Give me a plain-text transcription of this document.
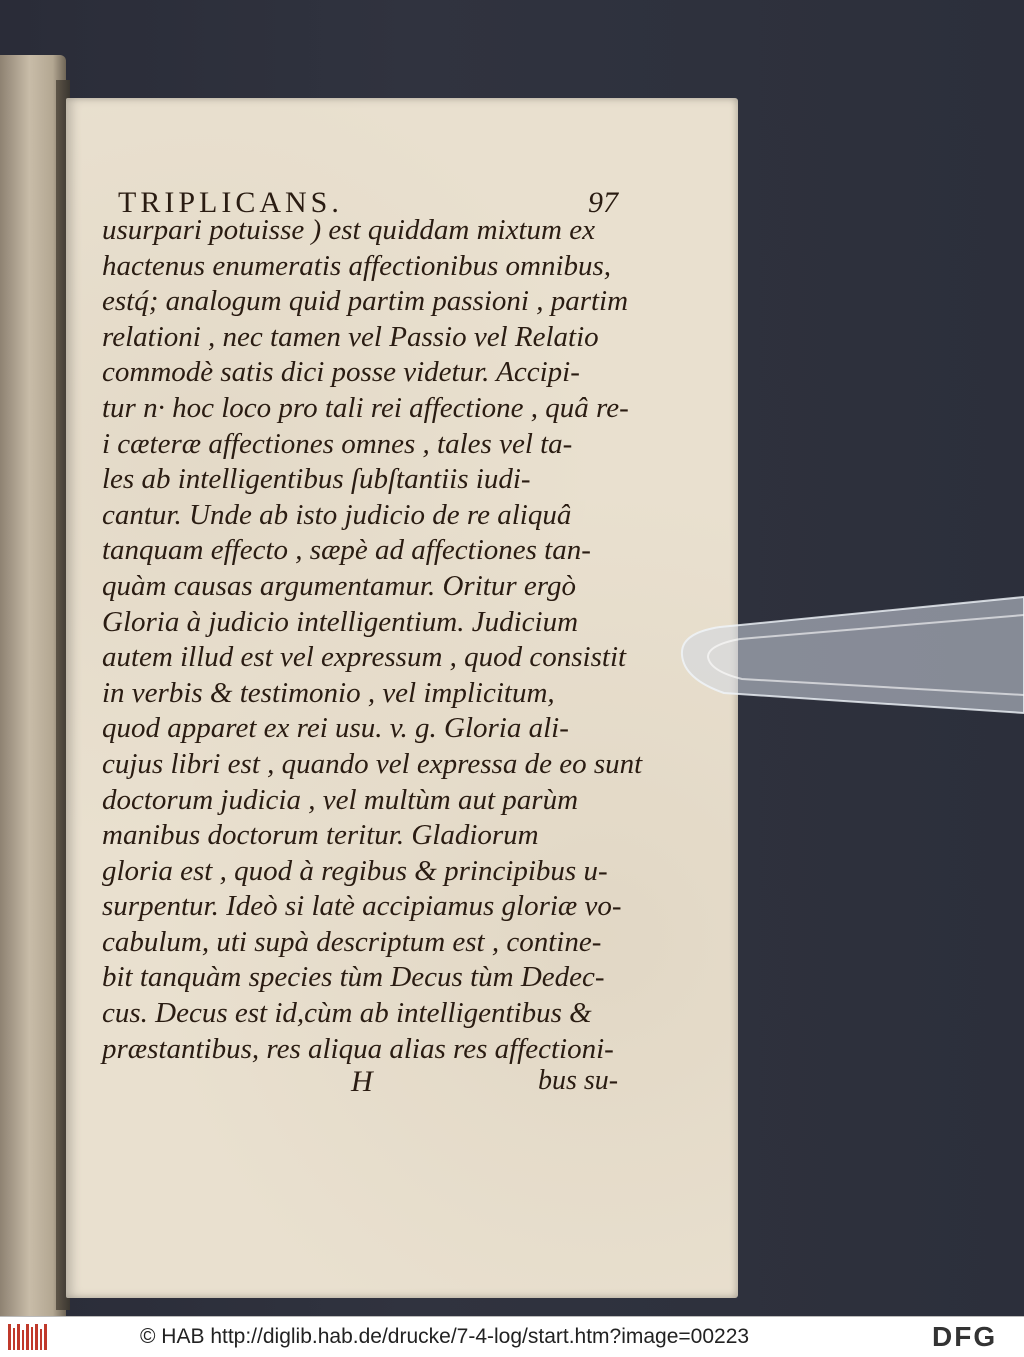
TRIPLICANS.	97
usurpari potuisse ) est quiddam mixtum ex
hactenus enumeratis affectionibus omnibus,
estq́; analogum quid partim passioni , partim
relationi , nec tamen vel Passio vel Relatio
commodè satis dici posse videtur. Accipi-
tur n· hoc loco pro tali rei affectione , quâ re-
i cæteræ affectiones omnes , tales vel ta-
les ab intelligentibus ſubſtantiis iudi-
cantur. Unde ab isto judicio de re aliquâ
tanquam effecto , sæpè ad affectiones tan-
quàm causas argumentamur. Oritur ergò
Gloria à judicio intelligentium. Judicium
autem illud est vel expressum , quod consistit
in verbis & testimonio , vel implicitum,
quod apparet ex rei usu. v. g. Gloria ali-
cujus libri est , quando vel expressa de eo sunt
doctorum judicia , vel multùm aut parùm
manibus doctorum teritur. Gladiorum
gloria est , quod à regibus & principibus u-
surpentur. Ideò si latè accipiamus gloriæ vo-
cabulum, uti supà descriptum est , contine-
bit tanquàm species tùm Decus tùm Dedec-
cus. Decus est id,cùm ab intelligentibus &
præstantibus, res aliqua alias res affectioni-
H	bus su-
© HAB http://diglib.hab.de/drucke/7-4-log/start.htm?image=00223	DFG
